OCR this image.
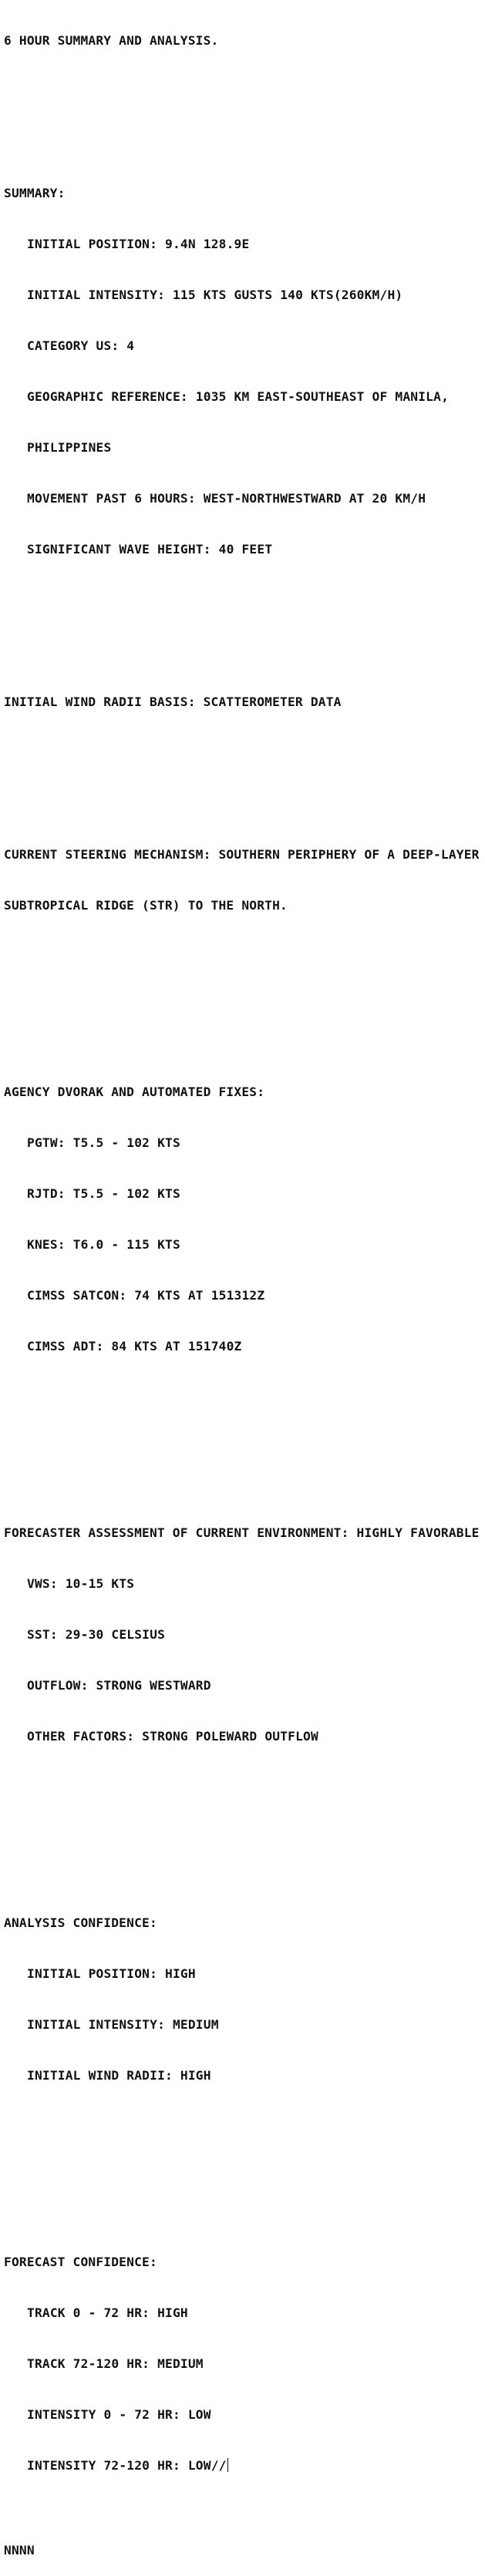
6 HOUR SUMMARY AND ANALYSIS.

SUMMARY:

INITIAL POSITION: 9.4N 128.9E

INITIAL INTENSITY: 115 KTS GUSTS 140 KTS(260KM/H)

CATEGORY US: 4

GEOGRAPHIC REFERENCE: 1035 KM EAST-SOUTHEAST OF MANILA,

PHILIPPINES

MOVEMENT PAST 6 HOURS: WEST-NORTHWESTWARD AT 20 KM/H

SIGNIFICANT WAVE HEIGHT: 40 FEET

INITIAL WIND RADII BASIS: SCATTEROMETER DATA

CURRENT STEERING MECHANISM: SOUTHERN PERIPHERY OF A DEEP-LAYER

SUBTROPICAL RIDGE (STR) TO THE NORTH.

AGENCY DVORAK AND AUTOMATED FIXES:

PGTW: T5.5 - 102 KTS

RJTD: T5.5 - 102 KTS

KNES: T6.0 - 115 KTS

CIMSS SATCON: 74 KTS AT 151312Z

CIMSS ADT: 84 KTS AT 151740Z

FORECASTER ASSESSMENT OF CURRENT ENVIRONMENT: HIGHLY FAVORABLE

VWS: 10-15 KTS

SST: 29-30 CELSIUS

OUTFLOW: STRONG WESTWARD

OTHER FACTORS: STRONG POLEWARD OUTFLOW

ANALYSIS CONFIDENCE:

INITIAL POSITION: HIGH

INITIAL INTENSITY: MEDIUM

INITIAL WIND RADII: HIGH

FORECAST CONFIDENCE:

TRACK 0 - 72 HR: HIGH

TRACK 72-120 HR: MEDIUM

INTENSITY 0 - 72 HR: LOW

INTENSITY 72-120 HR: LOW//

NNNN
